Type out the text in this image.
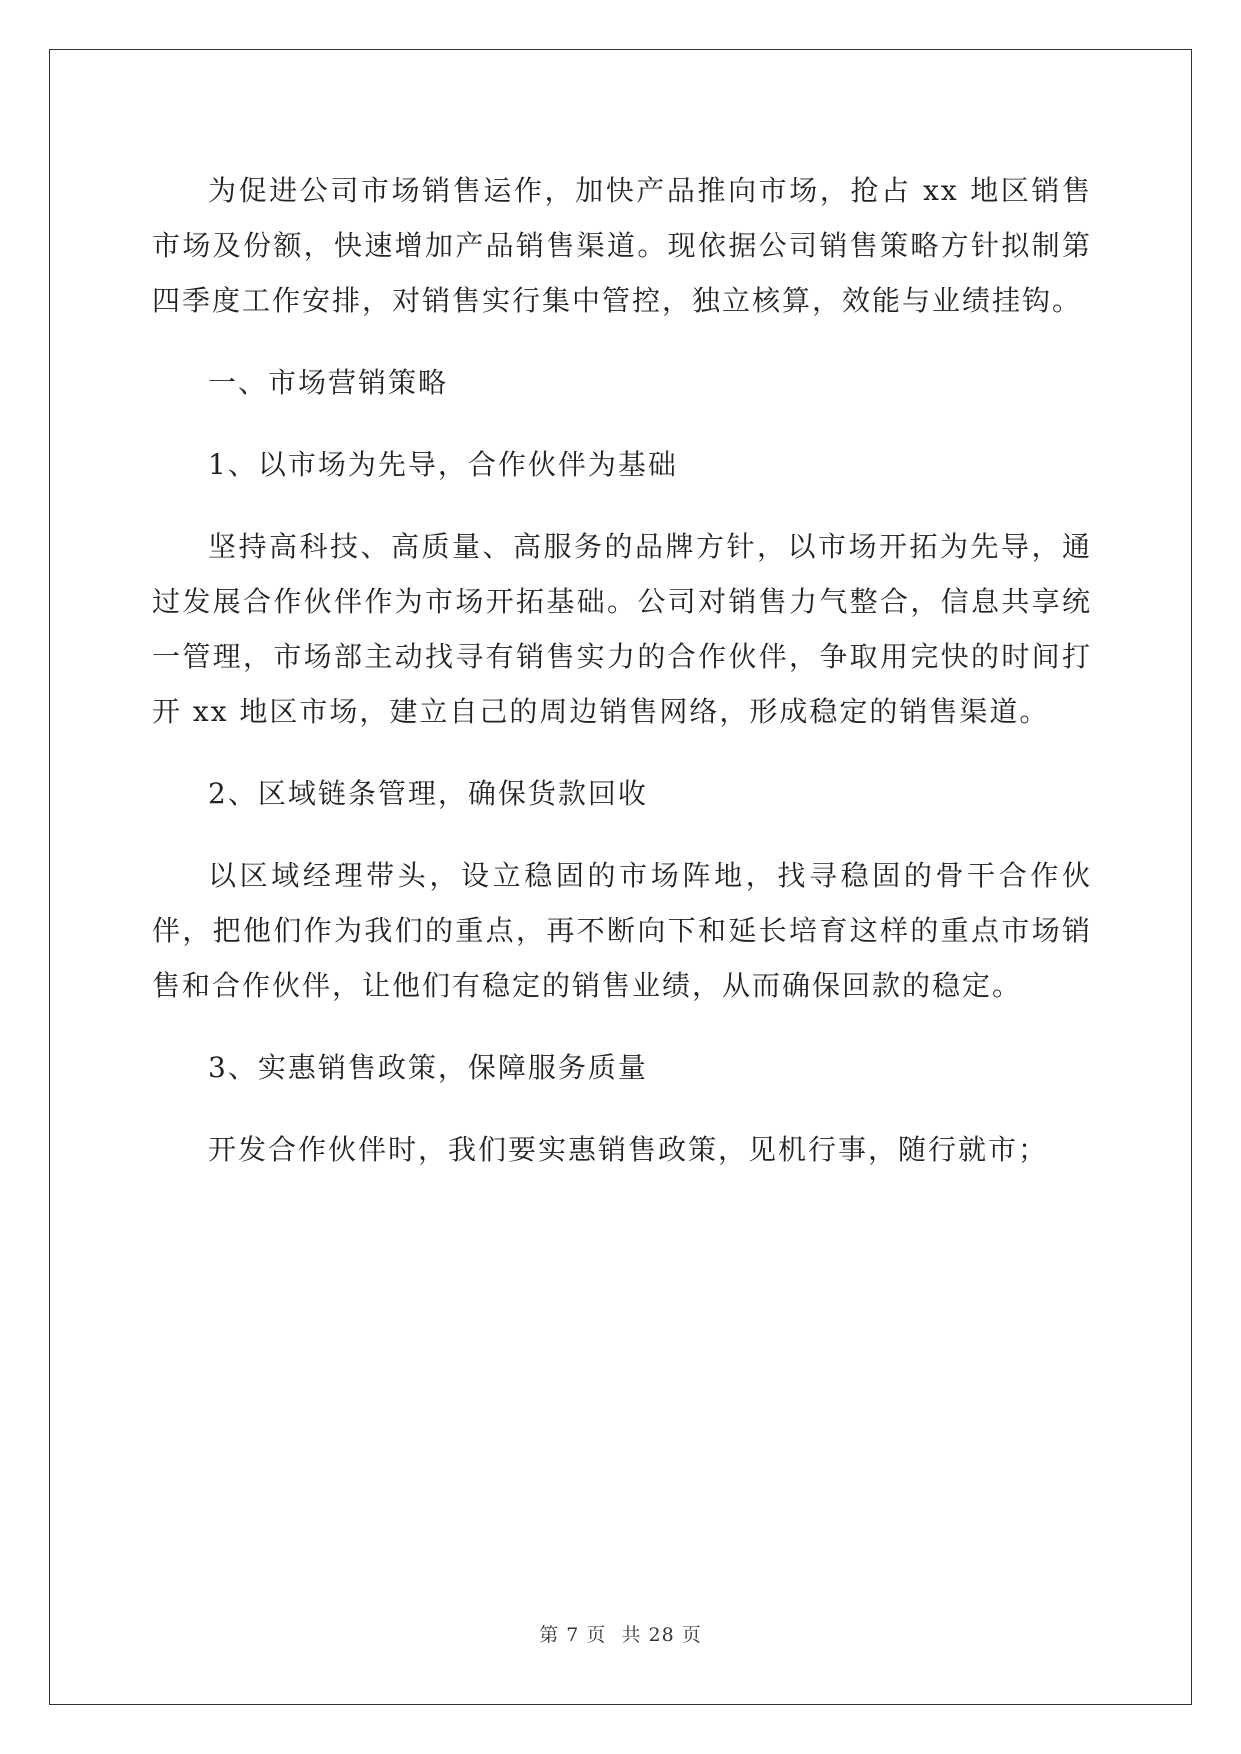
为促进公司市场销售运作，加快产品推向市场，抢占 xx 地区销售市场及份额，快速增加产品销售渠道。现依据公司销售策略方针拟制第四季度工作安排，对销售实行集中管控，独立核算，效能与业绩挂钩。

一、市场营销策略

1、以市场为先导，合作伙伴为基础

坚持高科技、高质量、高服务的品牌方针，以市场开拓为先导，通过发展合作伙伴作为市场开拓基础。公司对销售力气整合，信息共享统一管理，市场部主动找寻有销售实力的合作伙伴，争取用完快的时间打开 xx 地区市场，建立自己的周边销售网络，形成稳定的销售渠道。

2、区域链条管理，确保货款回收

以区域经理带头，设立稳固的市场阵地，找寻稳固的骨干合作伙伴，把他们作为我们的重点，再不断向下和延长培育这样的重点市场销售和合作伙伴，让他们有稳定的销售业绩，从而确保回款的稳定。

3、实惠销售政策，保障服务质量

开发合作伙伴时，我们要实惠销售政策，见机行事，随行就市；

第 7 页 共 28 页
